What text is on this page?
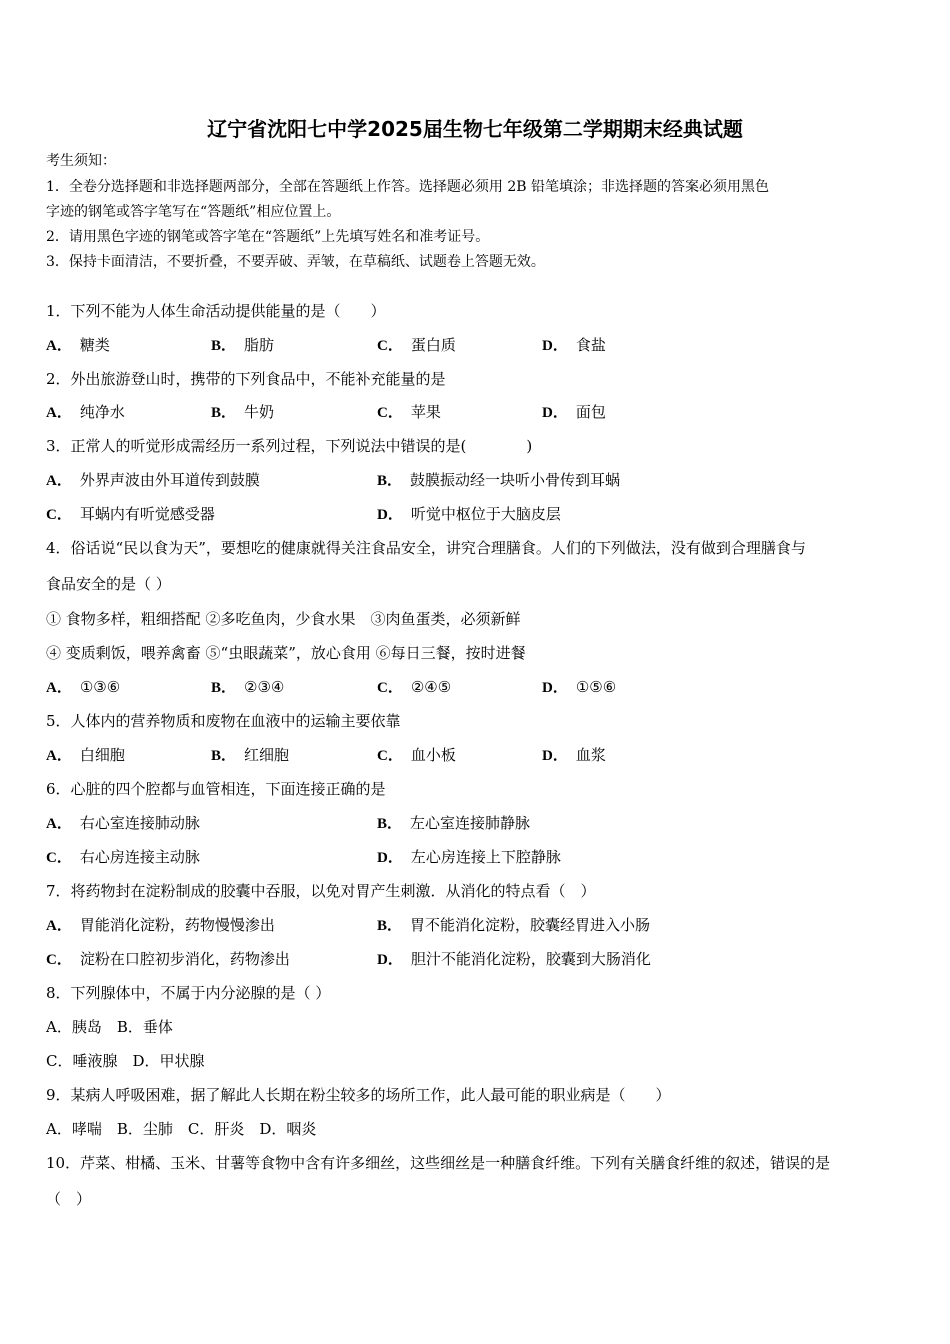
辽宁省沈阳七中学2025届生物七年级第二学期期末经典试题
考生须知：
1．全卷分选择题和非选择题两部分，全部在答题纸上作答。选择题必须用 2B 铅笔填涂；非选择题的答案必须用黑色
字迹的钢笔或答字笔写在“答题纸”相应位置上。
2．请用黑色字迹的钢笔或答字笔在“答题纸”上先填写姓名和准考证号。
3．保持卡面清洁，不要折叠，不要弄破、弄皱，在草稿纸、试题卷上答题无效。
1．下列不能为人体生命活动提供能量的是（　　）
A． 糖类	B． 脂肪	C． 蛋白质	D． 食盐
2．外出旅游登山时，携带的下列食品中，不能补充能量的是
A． 纯净水	B． 牛奶	C． 苹果	D． 面包
3．正常人的听觉形成需经历一系列过程，下列说法中错误的是(　　　　)
A． 外界声波由外耳道传到鼓膜	B． 鼓膜振动经一块听小骨传到耳蜗
C． 耳蜗内有听觉感受器	D． 听觉中枢位于大脑皮层
4．俗话说“民以食为天”，要想吃的健康就得关注食品安全，讲究合理膳食。人们的下列做法，没有做到合理膳食与
食品安全的是（ ）
① 食物多样，粗细搭配 ②多吃鱼肉，少食水果　③肉鱼蛋类，必须新鲜
④ 变质剩饭，喂养禽畜 ⑤“虫眼蔬菜”，放心食用 ⑥每日三餐，按时进餐
A． ①③⑥	B． ②③④	C． ②④⑤	D． ①⑤⑥
5．人体内的营养物质和废物在血液中的运输主要依靠
A． 白细胞	B． 红细胞	C． 血小板	D． 血浆
6．心脏的四个腔都与血管相连，下面连接正确的是
A． 右心室连接肺动脉	B． 左心室连接肺静脉
C． 右心房连接主动脉	D． 左心房连接上下腔静脉
7．将药物封在淀粉制成的胶囊中吞服，以免对胃产生刺激．从消化的特点看（　）
A． 胃能消化淀粉，药物慢慢渗出	B． 胃不能消化淀粉，胶囊经胃进入小肠
C． 淀粉在口腔初步消化，药物渗出	D． 胆汁不能消化淀粉，胶囊到大肠消化
8．下列腺体中，不属于内分泌腺的是（ ）
A．胰岛　B．垂体
C．唾液腺　D．甲状腺
9．某病人呼吸困难，据了解此人长期在粉尘较多的场所工作，此人最可能的职业病是（　　）
A．哮喘　B．尘肺　C．肝炎　D．咽炎
10．芹菜、柑橘、玉米、甘薯等食物中含有许多细丝，这些细丝是一种膳食纤维。下列有关膳食纤维的叙述，错误的是
（　）
